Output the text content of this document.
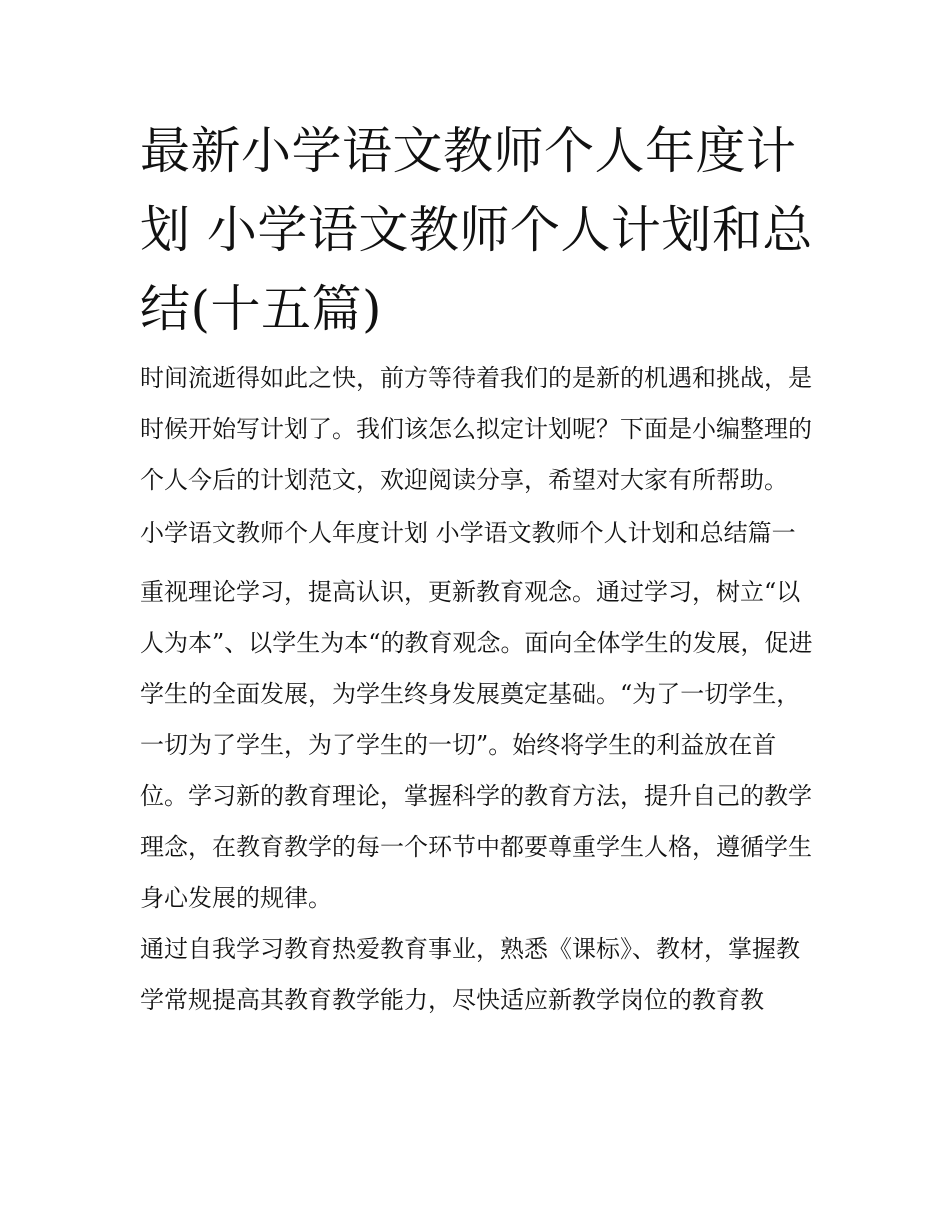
最新小学语文教师个人年度计划 小学语文教师个人计划和总结(十五篇)

时间流逝得如此之快，前方等待着我们的是新的机遇和挑战，是时候开始写计划了。我们该怎么拟定计划呢？下面是小编整理的个人今后的计划范文，欢迎阅读分享，希望对大家有所帮助。

小学语文教师个人年度计划 小学语文教师个人计划和总结篇一

重视理论学习，提高认识，更新教育观念。通过学习，树立“以人为本”、以学生为本“的教育观念。面向全体学生的发展，促进学生的全面发展，为学生终身发展奠定基础。“为了一切学生，一切为了学生，为了学生的一切”。始终将学生的利益放在首位。学习新的教育理论，掌握科学的教育方法，提升自己的教学理念，在教育教学的每一个环节中都要尊重学生人格，遵循学生身心发展的规律。

通过自我学习教育热爱教育事业，熟悉《课标》、教材，掌握教学常规提高其教育教学能力，尽快适应新教学岗位的教育教
